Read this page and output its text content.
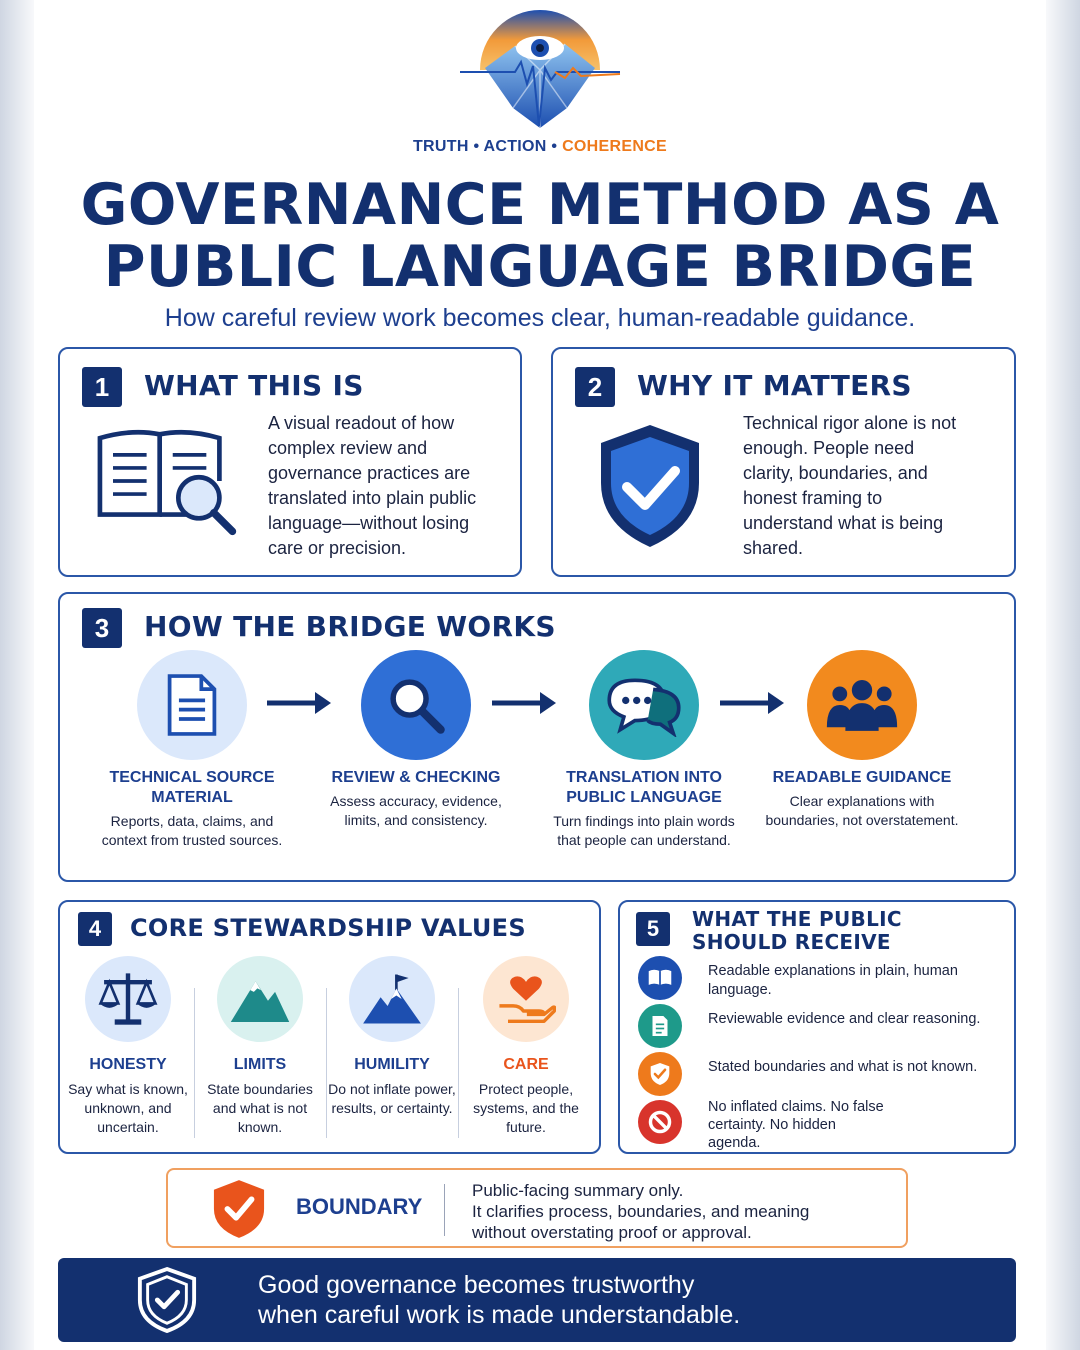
TRUTH • ACTION • COHERENCE
GOVERNANCE METHOD AS A
PUBLIC LANGUAGE BRIDGE
How careful review work becomes clear, human-readable guidance.
1	WHAT THIS IS
A visual readout of how complex review and governance practices are translated into plain public language—without losing care or precision.
2	WHY IT MATTERS
Technical rigor alone is not enough. People need clarity, boundaries, and honest framing to understand what is being shared.
3	HOW THE BRIDGE WORKS
TECHNICAL SOURCE MATERIAL
Reports, data, claims, and context from trusted sources.
REVIEW & CHECKING
Assess accuracy, evidence, limits, and consistency.
TRANSLATION INTO PUBLIC LANGUAGE
Turn findings into plain words that people can understand.
READABLE GUIDANCE
Clear explanations with boundaries, not overstatement.
4	CORE STEWARDSHIP VALUES
HONESTY
Say what is known, unknown, and uncertain.
LIMITS
State boundaries and what is not known.
HUMILITY
Do not inflate power, results, or certainty.
CARE
Protect people, systems, and the future.
5	WHAT THE PUBLIC
SHOULD RECEIVE
Readable explanations in plain, human language.
Reviewable evidence and clear reasoning.
Stated boundaries and what is not known.
No inflated claims. No false certainty. No hidden agenda.
BOUNDARY
Public-facing summary only.
It clarifies process, boundaries, and meaning
without overstating proof or approval.
Good governance becomes trustworthy
when careful work is made understandable.
